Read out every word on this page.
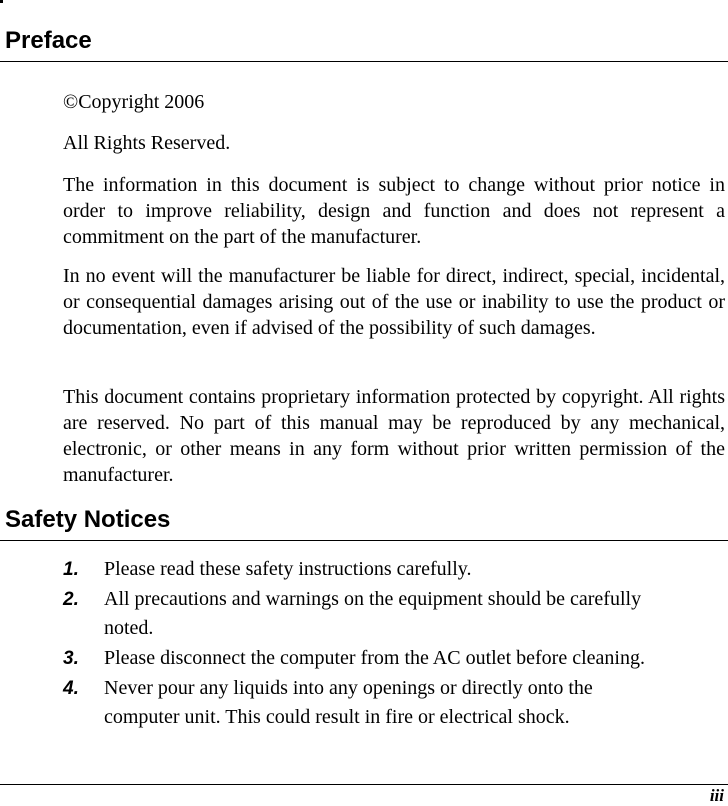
Preface

©Copyright 2006

All Rights Reserved.

The information in this document is subject to change without prior notice in order to improve reliability, design and function and does not represent a commitment on the part of the manufacturer.

In no event will the manufacturer be liable for direct, indirect, special, incidental, or consequential damages arising out of the use or inability to use the product or documentation, even if advised of the possibility of such damages.

This document contains proprietary information protected by copyright. All rights are reserved. No part of this manual may be reproduced by any mechanical, electronic, or other means in any form without prior written permission of the manufacturer.

Safety Notices
1. Please read these safety instructions carefully.
2. All precautions and warnings on the equipment should be carefully
noted.
3. Please disconnect the computer from the AC outlet before cleaning.
4. Never pour any liquids into any openings or directly onto the
computer unit. This could result in fire or electrical shock.
iii
